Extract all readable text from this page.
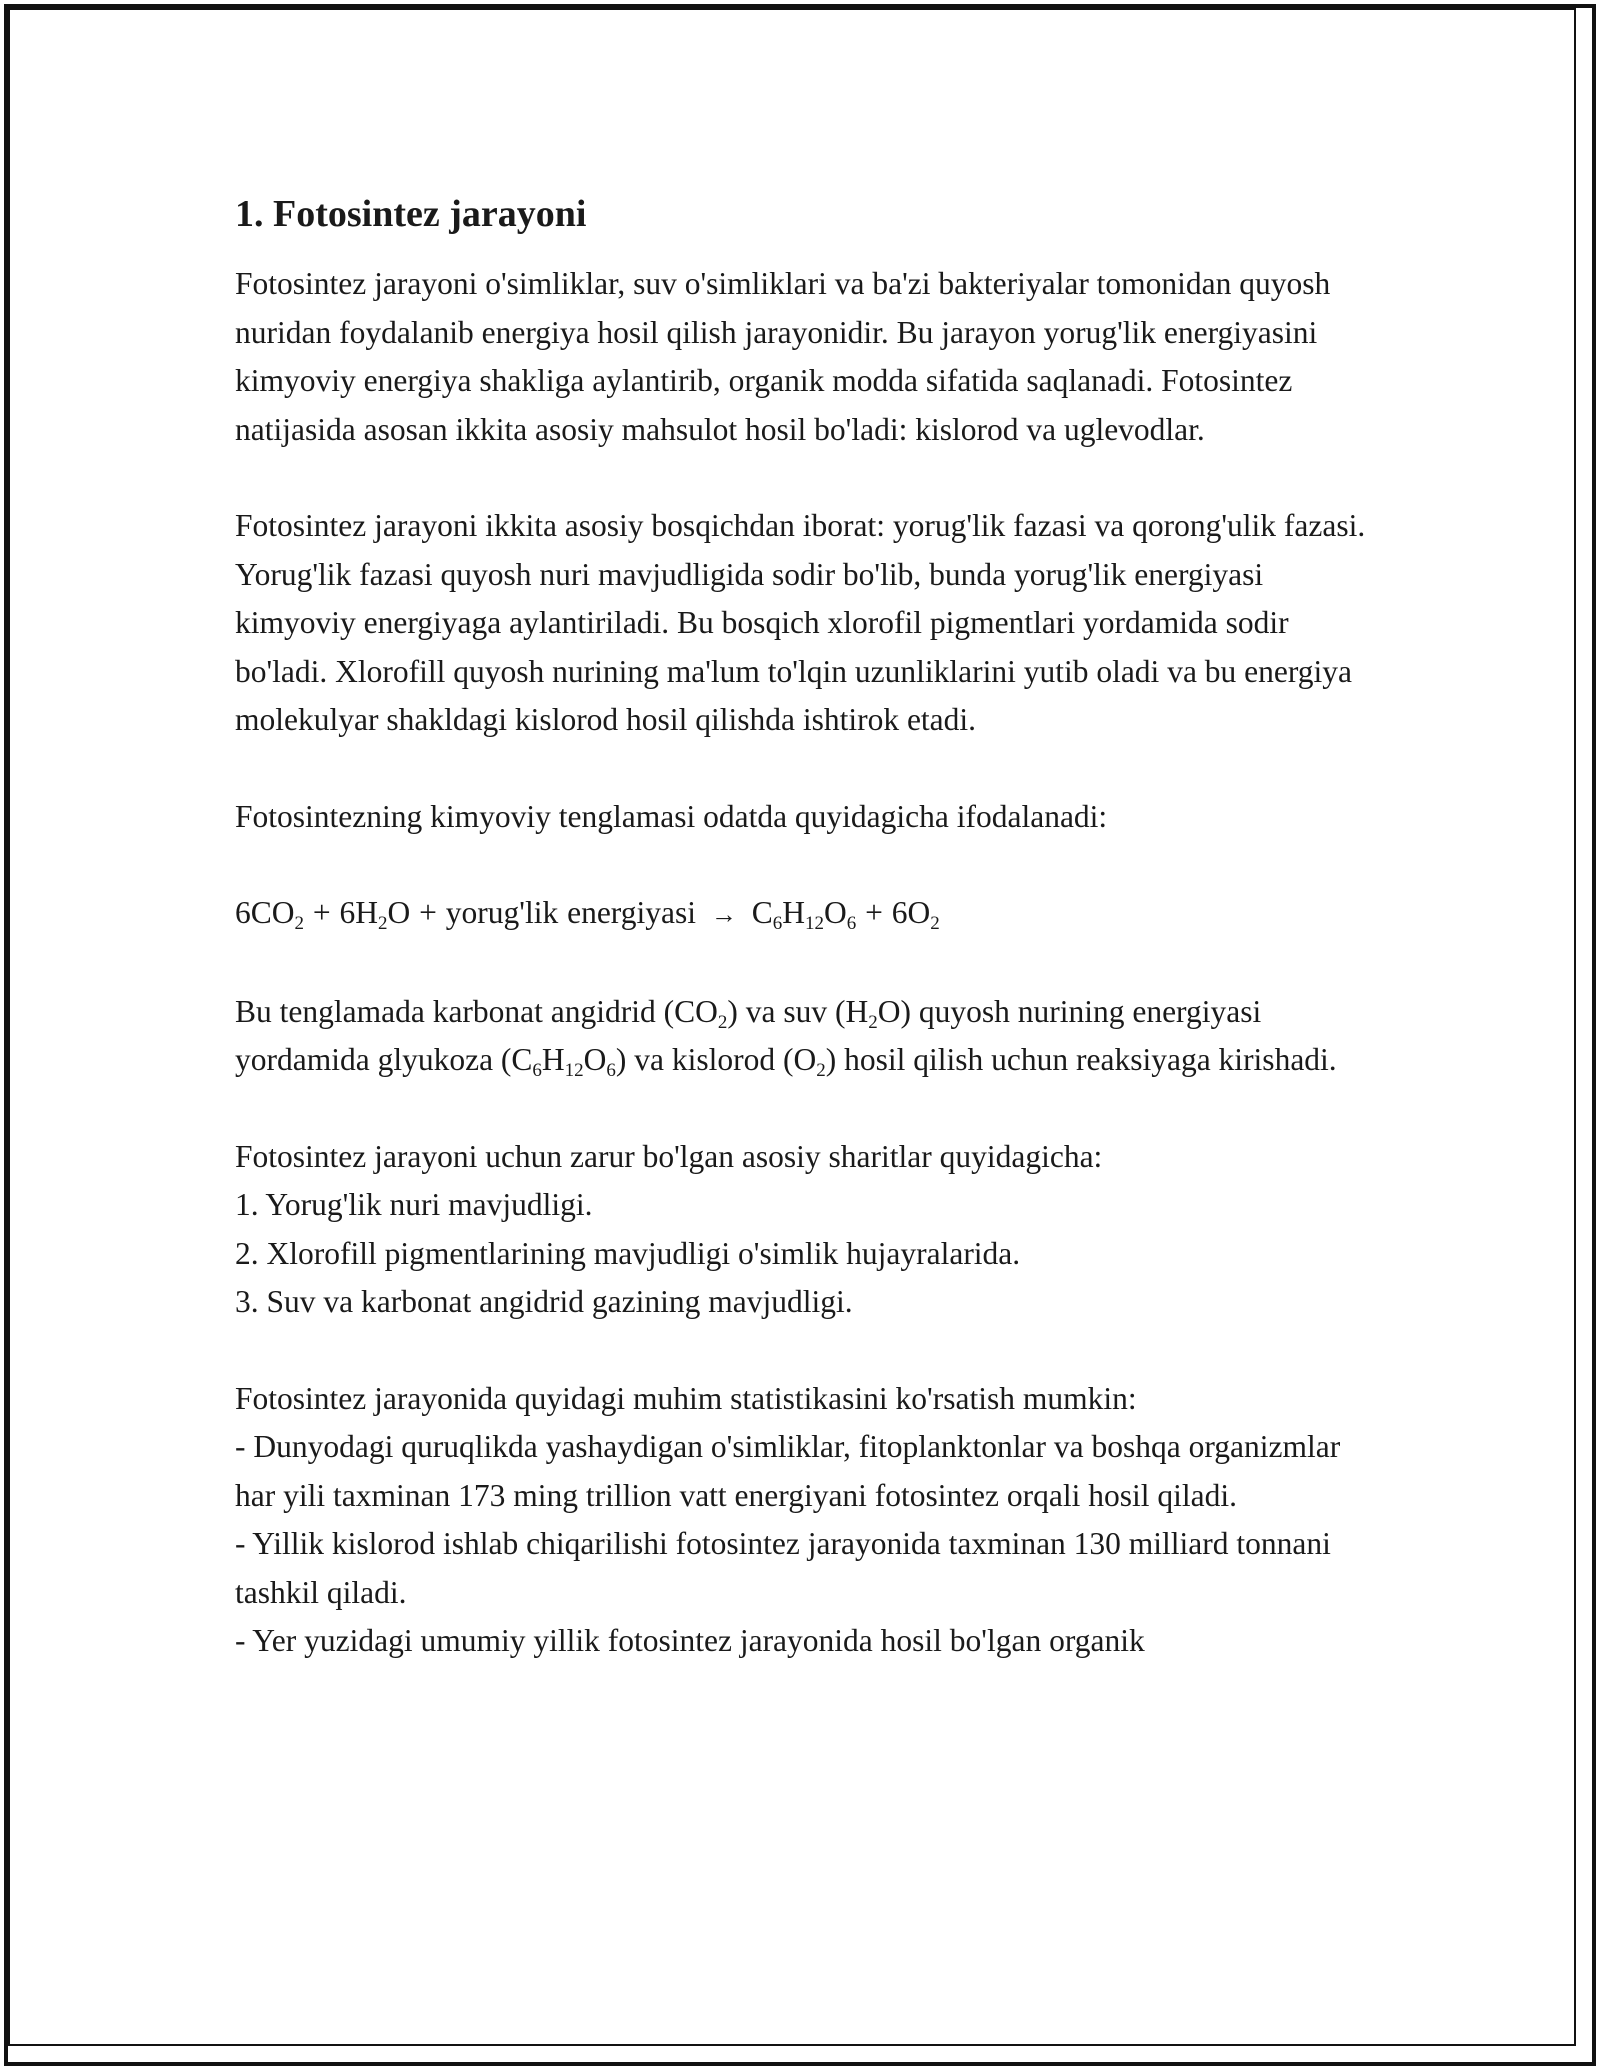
1. Fotosintez jarayoni

Fotosintez jarayoni o'simliklar, suv o'simliklari va ba'zi bakteriyalar tomonidan quyosh nuridan foydalanib energiya hosil qilish jarayonidir. Bu jarayon yorug'lik energiyasini kimyoviy energiya shakliga aylantirib, organik modda sifatida saqlanadi. Fotosintez natijasida asosan ikkita asosiy mahsulot hosil bo'ladi: kislorod va uglevodlar.

Fotosintez jarayoni ikkita asosiy bosqichdan iborat: yorug'lik fazasi va qorong'ulik fazasi. Yorug'lik fazasi quyosh nuri mavjudligida sodir bo'lib, bunda yorug'lik energiyasi kimyoviy energiyaga aylantiriladi. Bu bosqich xlorofil pigmentlari yordamida sodir bo'ladi. Xlorofill quyosh nurining ma'lum to'lqin uzunliklarini yutib oladi va bu energiya molekulyar shakldagi kislorod hosil qilishda ishtirok etadi.

Fotosintezning kimyoviy tenglamasi odatda quyidagicha ifodalanadi:

$6CO_2 + 6H_2O$ + yorug'lik energiyasi → $C_6H_{12}O_6 + 6O_2$

Bu tenglamada karbonat angidrid $(CO_2)$ va suv $(H_2O)$ quyosh nurining energiyasi yordamida glyukoza $(C_6H_{12}O_6)$ va kislorod $(O_2)$ hosil qilish uchun reaksiyaga kirishadi.

Fotosintez jarayoni uchun zarur bo'lgan asosiy sharitlar quyidagicha:

1. Yorug'lik nuri mavjudligi.
2. Xlorofill pigmentlarining mavjudligi o'simlik hujayralarida.
3. Suv va karbonat angidrid gazining mavjudligi.

Fotosintez jarayonida quyidagi muhim statistikasini ko'rsatish mumkin:

- Dunyodagi quruqlikda yashaydigan o'simliklar, fitoplanktonlar va boshqa organizmlar har yili taxminan 173 ming trillion vatt energiyani fotosintez orqali hosil qiladi.
- Yillik kislorod ishlab chiqarilishi fotosintez jarayonida taxminan 130 milliard tonnani tashkil qiladi.
- Yer yuzidagi umumiy yillik fotosintez jarayonida hosil bo'lgan organik
